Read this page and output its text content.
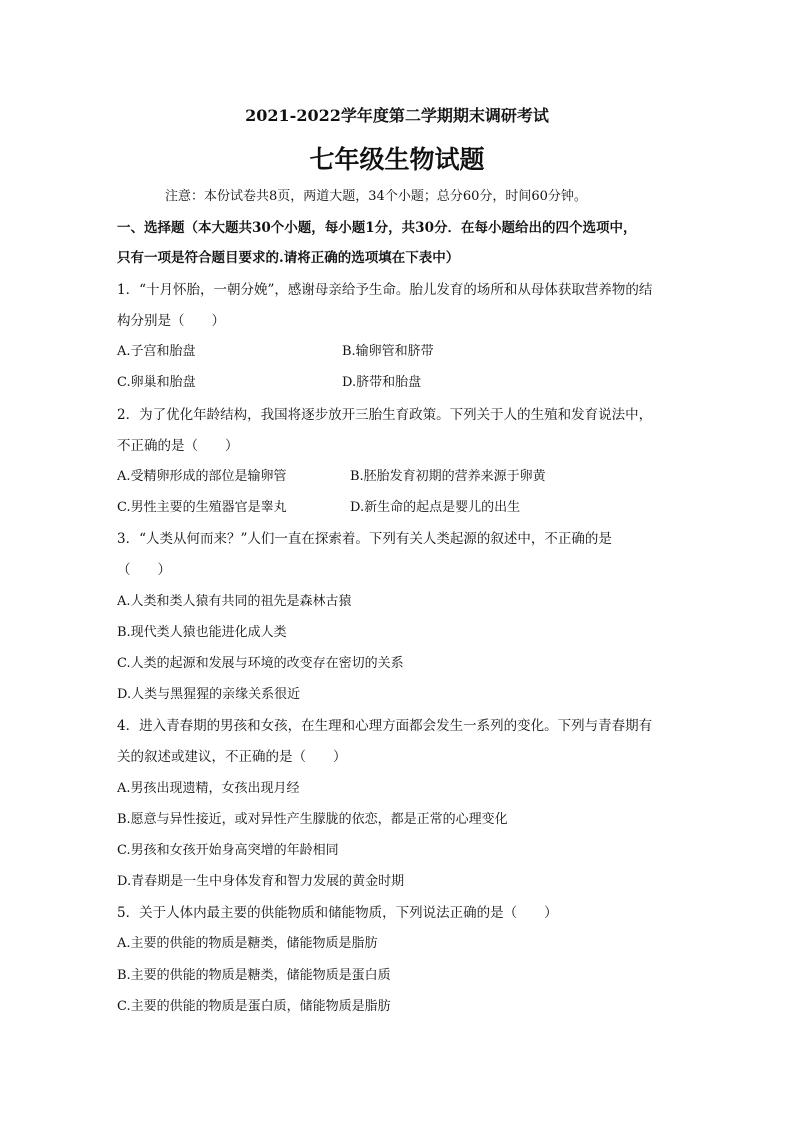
2021-2022学年度第二学期期末调研考试
七年级生物试题
注意：本份试卷共8页，两道大题，34个小题；总分60分，时间60分钟。
一、选择题（本大题共30个小题，每小题1分，共30分．在每小题给出的四个选项中，
只有一项是符合题目要求的.请将正确的选项填在下表中）
1．“十月怀胎，一朝分娩”，感谢母亲给予生命。胎儿发育的场所和从母体获取营养物的结
构分别是（　　）
A.子宫和胎盘	B.输卵管和脐带
C.卵巢和胎盘	D.脐带和胎盘
2．为了优化年龄结构，我国将逐步放开三胎生育政策。下列关于人的生殖和发育说法中，
不正确的是（　　）
A.受精卵形成的部位是输卵管	B.胚胎发育初期的营养来源于卵黄
C.男性主要的生殖器官是睾丸	D.新生命的起点是婴儿的出生
3．“人类从何而来？”人们一直在探索着。下列有关人类起源的叙述中，不正确的是
（　　）
A.人类和类人猿有共同的祖先是森林古猿
B.现代类人猿也能进化成人类
C.人类的起源和发展与环境的改变存在密切的关系
D.人类与黑猩猩的亲缘关系很近
4．进入青春期的男孩和女孩，在生理和心理方面都会发生一系列的变化。下列与青春期有
关的叙述或建议，不正确的是（　　）
A.男孩出现遗精，女孩出现月经
B.愿意与异性接近，或对异性产生朦胧的依恋，都是正常的心理变化
C.男孩和女孩开始身高突增的年龄相同
D.青春期是一生中身体发育和智力发展的黄金时期
5．关于人体内最主要的供能物质和储能物质，下列说法正确的是（　　）
A.主要的供能的物质是糖类，储能物质是脂肪
B.主要的供能的物质是糖类，储能物质是蛋白质
C.主要的供能的物质是蛋白质，储能物质是脂肪
